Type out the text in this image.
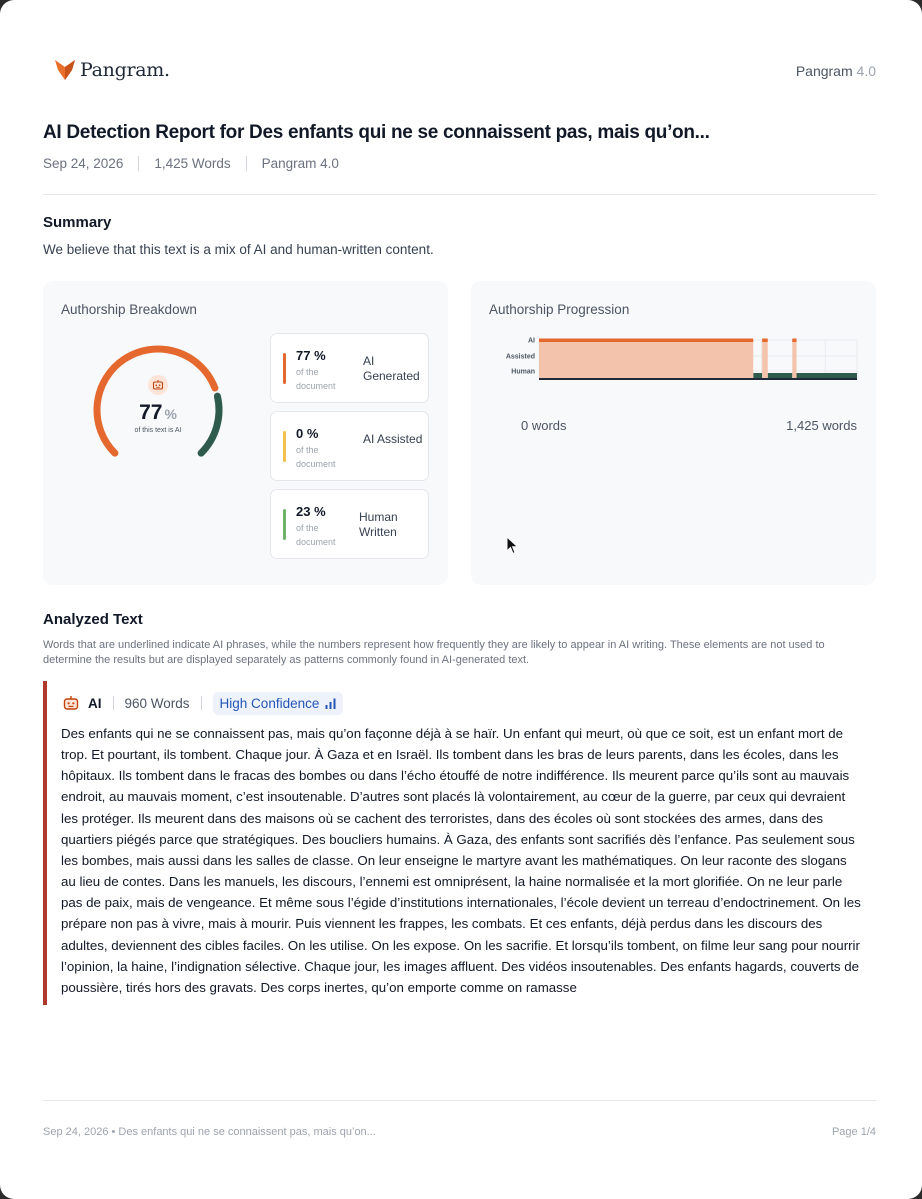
Pangram.	Pangram 4.0
AI Detection Report for Des enfants qui ne se connaissent pas, mais qu’on...
Sep 24, 2026 1,425 Words Pangram 4.0
Summary
We believe that this text is a mix of AI and human-written content.
Authorship Breakdown
77 %
of this text is AI
77 %
of the document
AI Generated
0 %
of the document
AI Assisted
23 %
of the document
Human Written
Authorship Progression
AI
Assisted
Human
0 words	1,425 words
Analyzed Text
Words that are underlined indicate AI phrases, while the numbers represent how frequently they are likely to appear in AI writing. These elements are not used to determine the results but are displayed separately as patterns commonly found in AI-generated text.
AI 960 Words High Confidence
Des enfants qui ne se connaissent pas, mais qu’on façonne déjà à se haïr. Un enfant qui meurt, où que ce soit, est un enfant mort de trop. Et pourtant, ils tombent. Chaque jour. À Gaza et en Israël. Ils tombent dans les bras de leurs parents, dans les écoles, dans les hôpitaux. Ils tombent dans le fracas des bombes ou dans l’écho étouffé de notre indifférence. Ils meurent parce qu’ils sont au mauvais endroit, au mauvais moment, c’est insoutenable. D’autres sont placés là volontairement, au cœur de la guerre, par ceux qui devraient les protéger. Ils meurent dans des maisons où se cachent des terroristes, dans des écoles où sont stockées des armes, dans des quartiers piégés parce que stratégiques. Des boucliers humains. À Gaza, des enfants sont sacrifiés dès l’enfance. Pas seulement sous les bombes, mais aussi dans les salles de classe. On leur enseigne le martyre avant les mathématiques. On leur raconte des slogans au lieu de contes. Dans les manuels, les discours, l’ennemi est omniprésent, la haine normalisée et la mort glorifiée. On ne leur parle pas de paix, mais de vengeance. Et même sous l’égide d’institutions internationales, l’école devient un terreau d’endoctrinement. On les prépare non pas à vivre, mais à mourir. Puis viennent les frappes, les combats. Et ces enfants, déjà perdus dans les discours des adultes, deviennent des cibles faciles. On les utilise. On les expose. On les sacrifie. Et lorsqu’ils tombent, on filme leur sang pour nourrir l’opinion, la haine, l’indignation sélective. Chaque jour, les images affluent. Des vidéos insoutenables. Des enfants hagards, couverts de poussière, tirés hors des gravats. Des corps inertes, qu’on emporte comme on ramasse
Sep 24, 2026 • Des enfants qui ne se connaissent pas, mais qu’on...	Page 1/4
